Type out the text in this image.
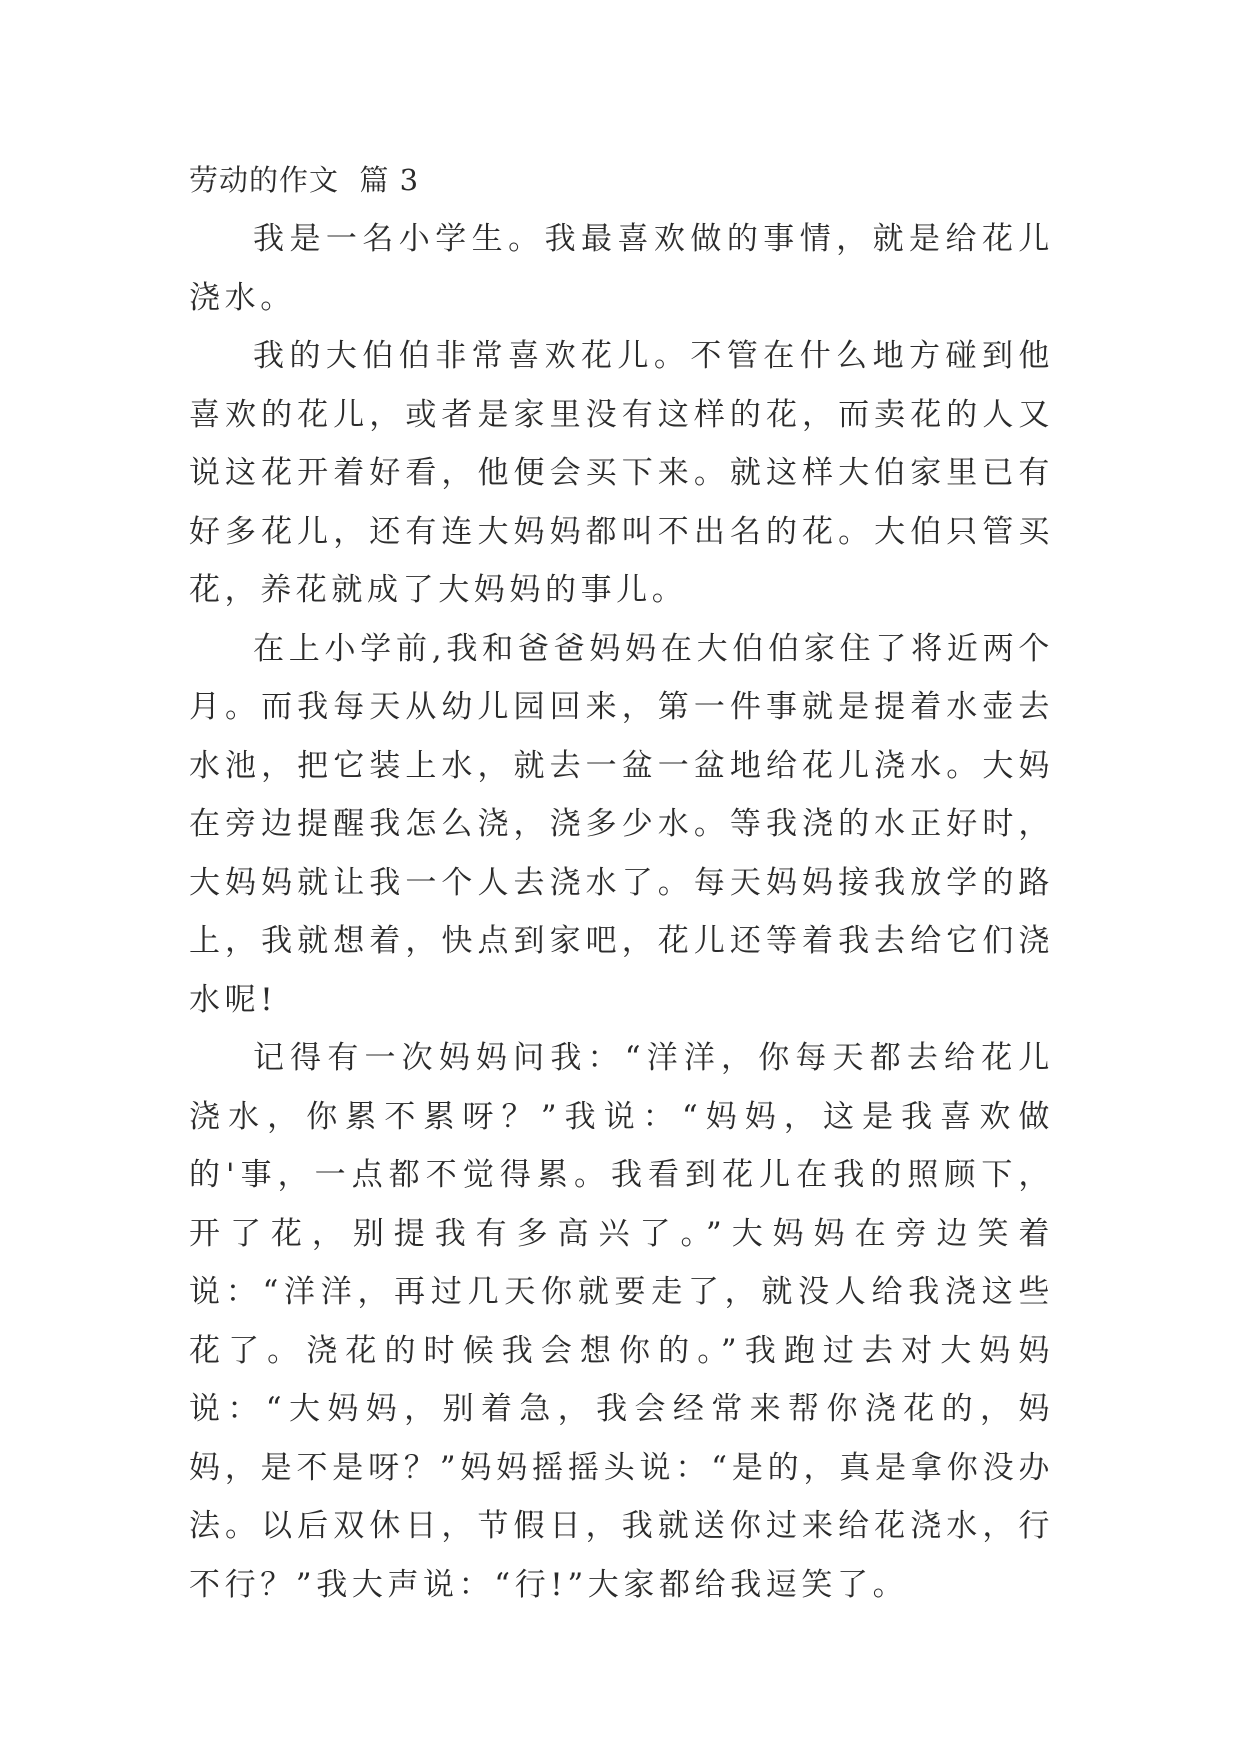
劳动的作文  篇 3

我是一名小学生。我最喜欢做的事情，就是给花儿浇水。

我的大伯伯非常喜欢花儿。不管在什么地方碰到他喜欢的花儿，或者是家里没有这样的花，而卖花的人又说这花开着好看，他便会买下来。就这样大伯家里已有好多花儿，还有连大妈妈都叫不出名的花。大伯只管买花，养花就成了大妈妈的事儿。

在上小学前,我和爸爸妈妈在大伯伯家住了将近两个月。而我每天从幼儿园回来，第一件事就是提着水壶去水池，把它装上水，就去一盆一盆地给花儿浇水。大妈在旁边提醒我怎么浇，浇多少水。等我浇的水正好时，大妈妈就让我一个人去浇水了。每天妈妈接我放学的路上，我就想着，快点到家吧，花儿还等着我去给它们浇水呢!

记得有一次妈妈问我：“洋洋，你每天都去给花儿浇水，你累不累呀？”我说：“妈妈，这是我喜欢做的'事，一点都不觉得累。我看到花儿在我的照顾下，开了花，别提我有多高兴了。”大妈妈在旁边笑着说：“洋洋，再过几天你就要走了，就没人给我浇这些花了。浇花的时候我会想你的。”我跑过去对大妈妈说：“大妈妈，别着急，我会经常来帮你浇花的，妈妈，是不是呀？”妈妈摇摇头说：“是的，真是拿你没办法。以后双休日，节假日，我就送你过来给花浇水，行不行？”我大声说：“行!”大家都给我逗笑了。
